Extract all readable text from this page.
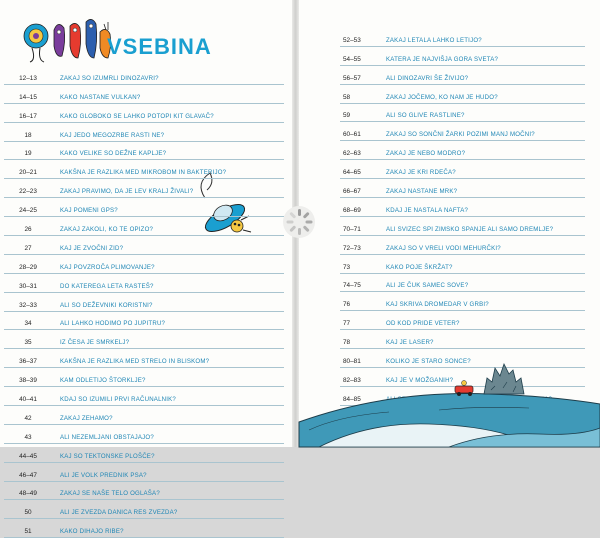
VSEBINA
12–13	ZAKAJ SO IZUMRLI DINOZAVRI?
14–15	KAKO NASTANE VULKAN?
16–17	KAKO GLOBOKO SE LAHKO POTOPI KIT GLAVAČ?
18	KAJ JEDO MEGOZRBE RASTI NE?
19	KAKO VELIKE SO DEŽNE KAPLJE?
20–21	KAKŠNA JE RAZLIKA MED MIKROBOM IN BAKTERIJO?
22–23	ZAKAJ PRAVIMO, DA JE LEV KRALJ ŽIVALI?
24–25	KAJ POMENI GPS?
26	ZAKAJ ZAKOLI, KO TE OPIZO?
27	KAJ JE ZVOČNI ZID?
28–29	KAJ POVZROČA PLIMOVANJE?
30–31	DO KATEREGA LETA RASTEŠ?
32–33	ALI SO DEŽEVNIKI KORISTNI?
34	ALI LAHKO HODIMO PO JUPITRU?
35	IZ ČESA JE SMRKELJ?
36–37	KAKŠNA JE RAZLIKA MED STRELO IN BLISKOM?
38–39	KAM ODLETIJO ŠTORKLJE?
40–41	KDAJ SO IZUMILI PRVI RAČUNALNIK?
42	ZAKAJ ZEHAMO?
43	ALI NEZEMLJANI OBSTAJAJO?
44–45	KAJ SO TEKTONSKE PLOŠČE?
46–47	ALI JE VOLK PREDNIK PSA?
48–49	ZAKAJ SE NAŠE TELO OGLAŠA?
50	ALI JE ZVEZDA DANICA RES ZVEZDA?
51	KAKO DIHAJO RIBE?
52–53	ZAKAJ LETALA LAHKO LETIJO?
54–55	KATERA JE NAJVIŠJA GORA SVETA?
56–57	ALI DINOZAVRI ŠE ŽIVIJO?
58	ZAKAJ JOČEMO, KO NAM JE HUDO?
59	ALI SO GLIVE RASTLINE?
60–61	ZAKAJ SO SONČNI ŽARKI POZIMI MANJ MOČNI?
62–63	ZAKAJ JE NEBO MODRO?
64–65	ZAKAJ JE KRI RDEČA?
66–67	ZAKAJ NASTANE MRK?
68–69	KDAJ JE NASTALA NAFTA?
70–71	ALI SVIZEC SPI ZIMSKO SPANJE ALI SAMO DREMLJE?
72–73	ZAKAJ SO V VRELI VODI MEHURČKI?
73	KAKO POJE ŠKRŽAT?
74–75	ALI JE ČUK SAMEC SOVE?
76	KAJ SKRIVA DROMEDAR V GRBI?
77	OD KOD PRIDE VETER?
78	KAJ JE LASER?
80–81	KOLIKO JE STARO SONCE?
82–83	KAJ JE V MOŽGANIH?
84–85
